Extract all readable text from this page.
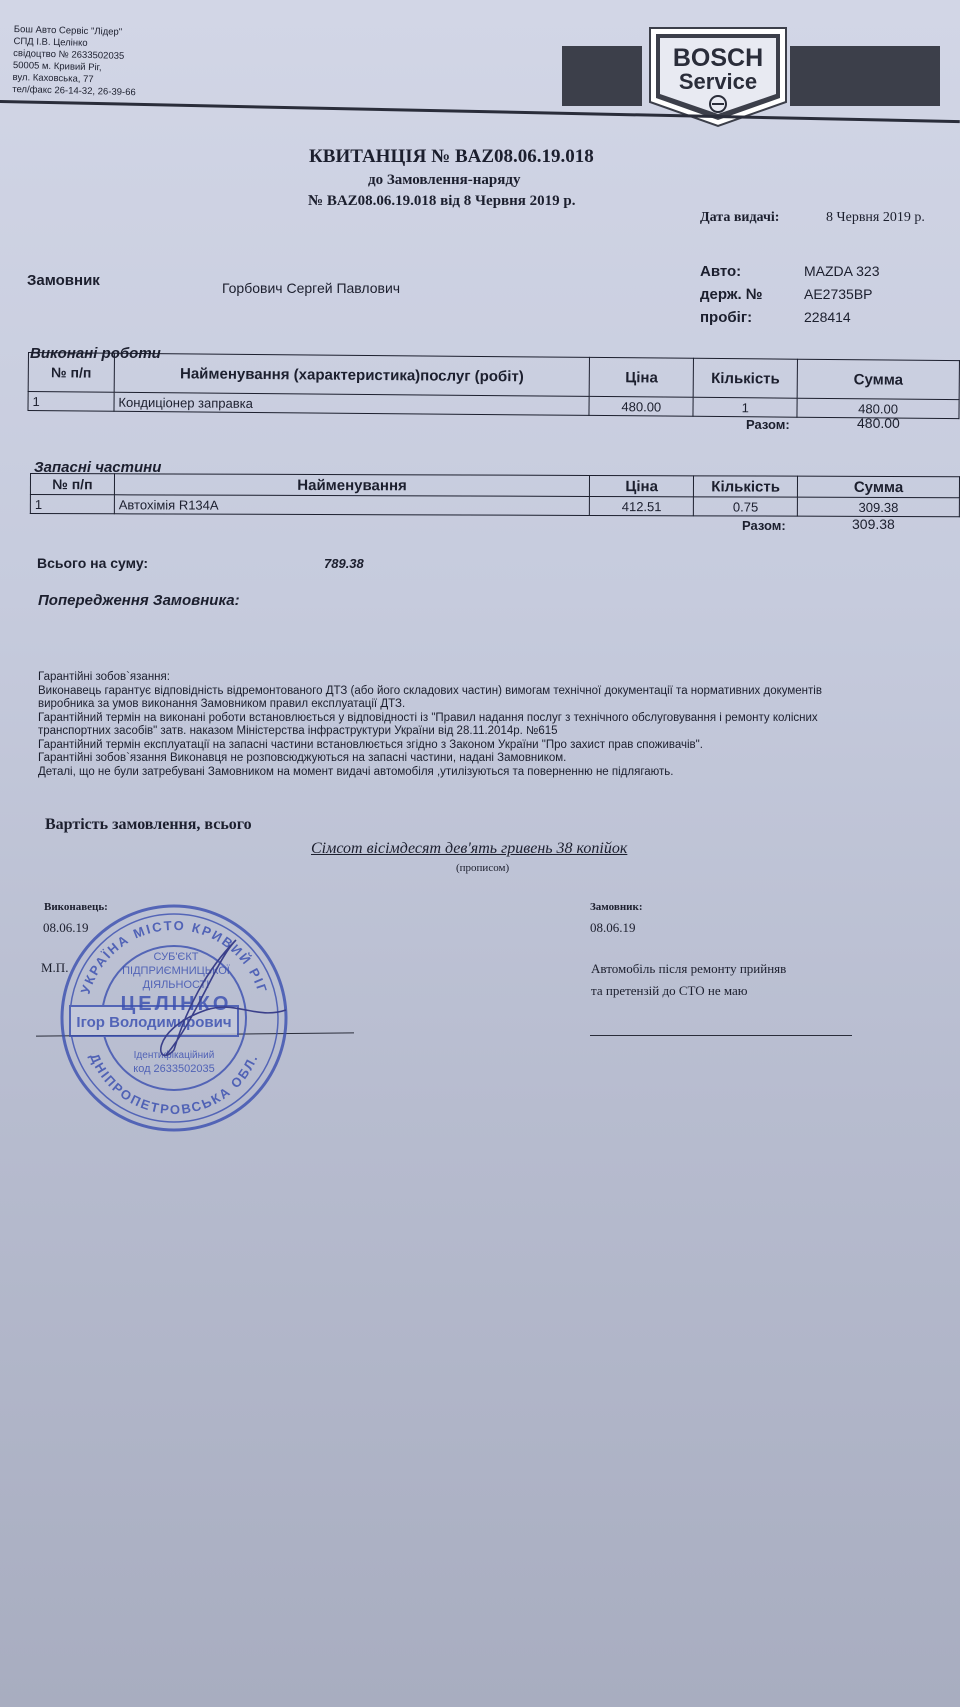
Бош Авто Сервіс "Лідер"
СПД І.В. Целінко
свідоцтво № 2633502035
50005 м. Кривий Ріг,
вул. Каховська, 77
тел/факс 26-14-32, 26-39-66
BOSCH
Service
КВИТАНЦІЯ № BAZ08.06.19.018
до Замовлення-наряду
№ BAZ08.06.19.018 від 8 Червня 2019 р.
Дата видачі:	8 Червня 2019 р.
Замовник	Горбович Сергей Павлович
Авто:	MAZDA 323
держ. №	AE2735BP
пробіг:	228414
Виконані роботи
№ п/п	Найменування (характеристика)послуг (робіт)	Ціна	Кількість	Сумма
1	Кондиціонер заправка	480.00	1	480.00
Разом:	480.00
Запасні частини
№ п/п	Найменування	Ціна	Кількість	Сумма
1	Автохімія R134A	412.51	0.75	309.38
Разом:	309.38
Всього на суму:	789.38
Попередження Замовника:
Гарантійні зобов`язання:
Виконавець гарантує відповідність відремонтованого ДТЗ (або його складових частин) вимогам технічної документації та нормативних документів
виробника за умов виконання Замовником правил експлуатації ДТЗ.
Гарантійний термін на виконані роботи встановлюється у відповідності із "Правил надання послуг з технічного обслуговування і ремонту колісних
транспортних засобів" затв. наказом Міністерства інфраструктури України від 28.11.2014р. №615
Гарантійний термін експлуатації на запасні частини встановлюється згідно з Законом України "Про захист прав споживачів".
Гарантійні зобов`язання Виконавця не розповсюджуються на запасні частини, надані Замовником.
Деталі, що не були затребувані Замовником на момент видачі автомобіля ,утилізуються та поверненню не підлягають.
Вартість замовлення, всього
Сімсот вісімдесят дев'ять гривень 38 копійок
(прописом)
Виконавець:
08.06.19
М.П.
Замовник:
08.06.19
Автомобіль після ремонту прийняв
та претензій до СТО не маю
УКРАЇНА МІСТО КРИВИЙ РІГ
ДНІПРОПЕТРОВСЬКА ОБЛ.
СУБ'ЄКТ
ПІДПРИЄМНИЦЬКОЇ
ДІЯЛЬНОСТІ
ЦЕЛІНКО
Ігор Володимирович
Ідентифікаційний
код 2633502035
